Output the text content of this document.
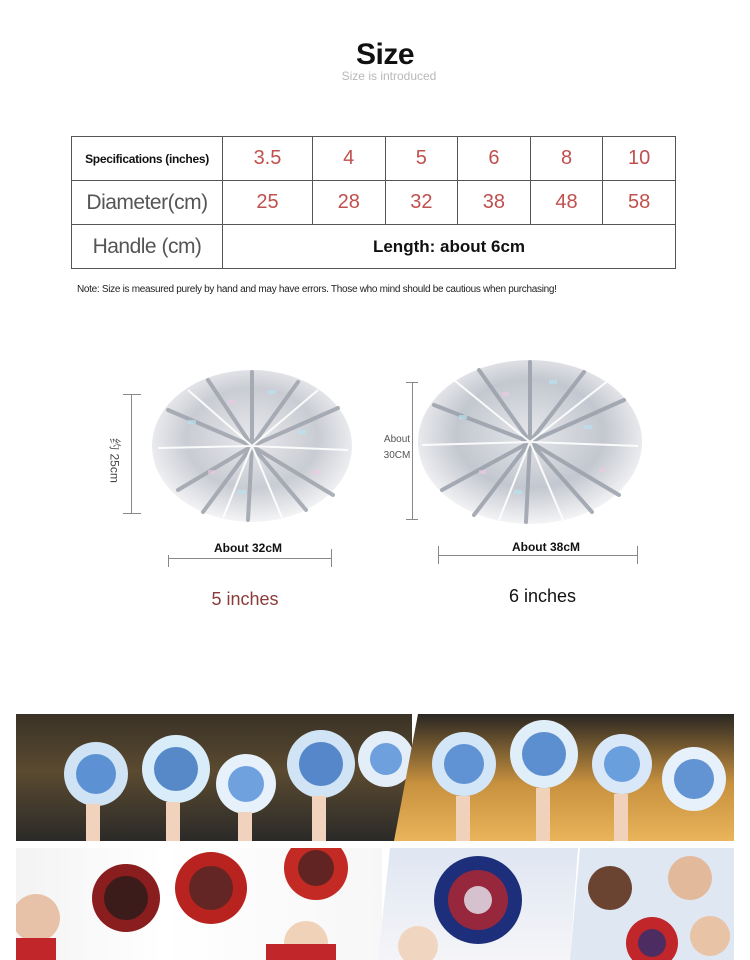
Size
Size is introduced
Specifications (inches)	3.5	4	5	6	8	10
Diameter(cm)	25	28	32	38	48	58
Handle (cm)	Length: about 6cm					
Note: Size is measured purely by hand and may have errors. Those who mind should be cautious when purchasing!
约 25cm
About 32cM
5 inches
About
30CM
About 38cM
6 inches
